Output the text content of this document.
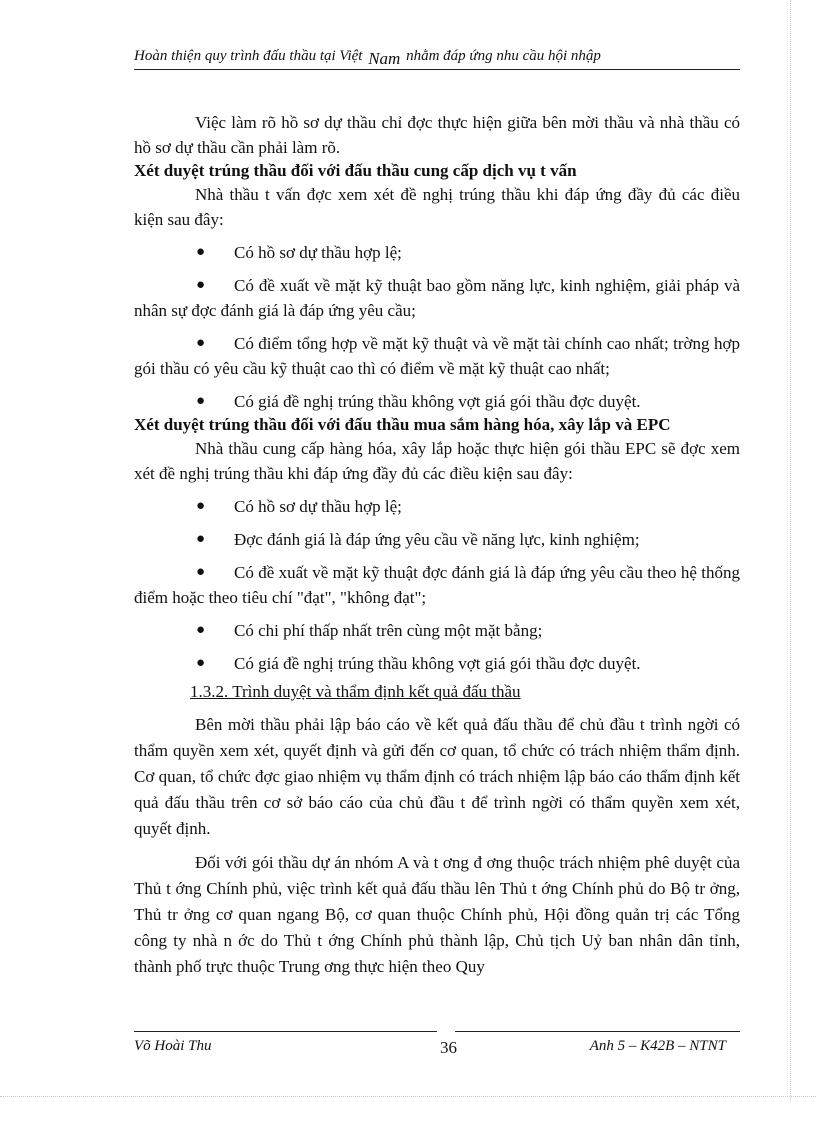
Hoàn thiện quy trình đấu thầu tại Việt Nam nhằm đáp ứng nhu cầu hội nhập

Việc làm rõ hồ sơ dự thầu chỉ đợc thực hiện giữa bên mời thầu và nhà thầu có hồ sơ dự thầu cần phải làm rõ.

Xét duyệt trúng thầu đối với đấu thầu cung cấp dịch vụ t vấn

Nhà thầu t vấn đợc xem xét đề nghị trúng thầu khi đáp ứng đầy đủ các điều kiện sau đây:

● Có hồ sơ dự thầu hợp lệ;

● Có đề xuất về mặt kỹ thuật bao gồm năng lực, kinh nghiệm, giải pháp và nhân sự đợc đánh giá là đáp ứng yêu cầu;

● Có điểm tổng hợp về mặt kỹ thuật và về mặt tài chính cao nhất; trờng hợp gói thầu có yêu cầu kỹ thuật cao thì có điểm về mặt kỹ thuật cao nhất;

● Có giá đề nghị trúng thầu không vợt giá gói thầu đợc duyệt.

Xét duyệt trúng thầu đối với đấu thầu mua sắm hàng hóa, xây lắp và EPC

Nhà thầu cung cấp hàng hóa, xây lắp hoặc thực hiện gói thầu EPC sẽ đợc xem xét đề nghị trúng thầu khi đáp ứng đầy đủ các điều kiện sau đây:

● Có hồ sơ dự thầu hợp lệ;
● Đợc đánh giá là đáp ứng yêu cầu về năng lực, kinh nghiệm;

● Có đề xuất về mặt kỹ thuật đợc đánh giá là đáp ứng yêu cầu theo hệ thống điểm hoặc theo tiêu chí "đạt", "không đạt";

● Có chi phí thấp nhất trên cùng một mặt bằng;
● Có giá đề nghị trúng thầu không vợt giá gói thầu đợc duyệt.

1.3.2. Trình duyệt và thẩm định kết quả đấu thầu

Bên mời thầu phải lập báo cáo về kết quả đấu thầu để chủ đầu t trình ngời có thẩm quyền xem xét, quyết định và gửi đến cơ quan, tổ chức có trách nhiệm thẩm định. Cơ quan, tổ chức đợc giao nhiệm vụ thẩm định có trách nhiệm lập báo cáo thẩm định kết quả đấu thầu trên cơ sở báo cáo của chủ đầu t để trình ngời có thẩm quyền xem xét, quyết định.

Đối với gói thầu dự án nhóm A và t ơng đ ơng thuộc trách nhiệm phê duyệt của Thủ t ớng Chính phủ, việc trình kết quả đấu thầu lên Thủ t ớng Chính phủ do Bộ tr ởng, Thủ tr ởng cơ quan ngang Bộ, cơ quan thuộc Chính phủ, Hội đồng quản trị các Tổng công ty nhà n ớc do Thủ t ớng Chính phủ thành lập, Chủ tịch Uỷ ban nhân dân tỉnh, thành phố trực thuộc Trung ơng thực hiện theo Quy

Võ Hoài Thu	36	Anh 5 – K42B – NTNT
